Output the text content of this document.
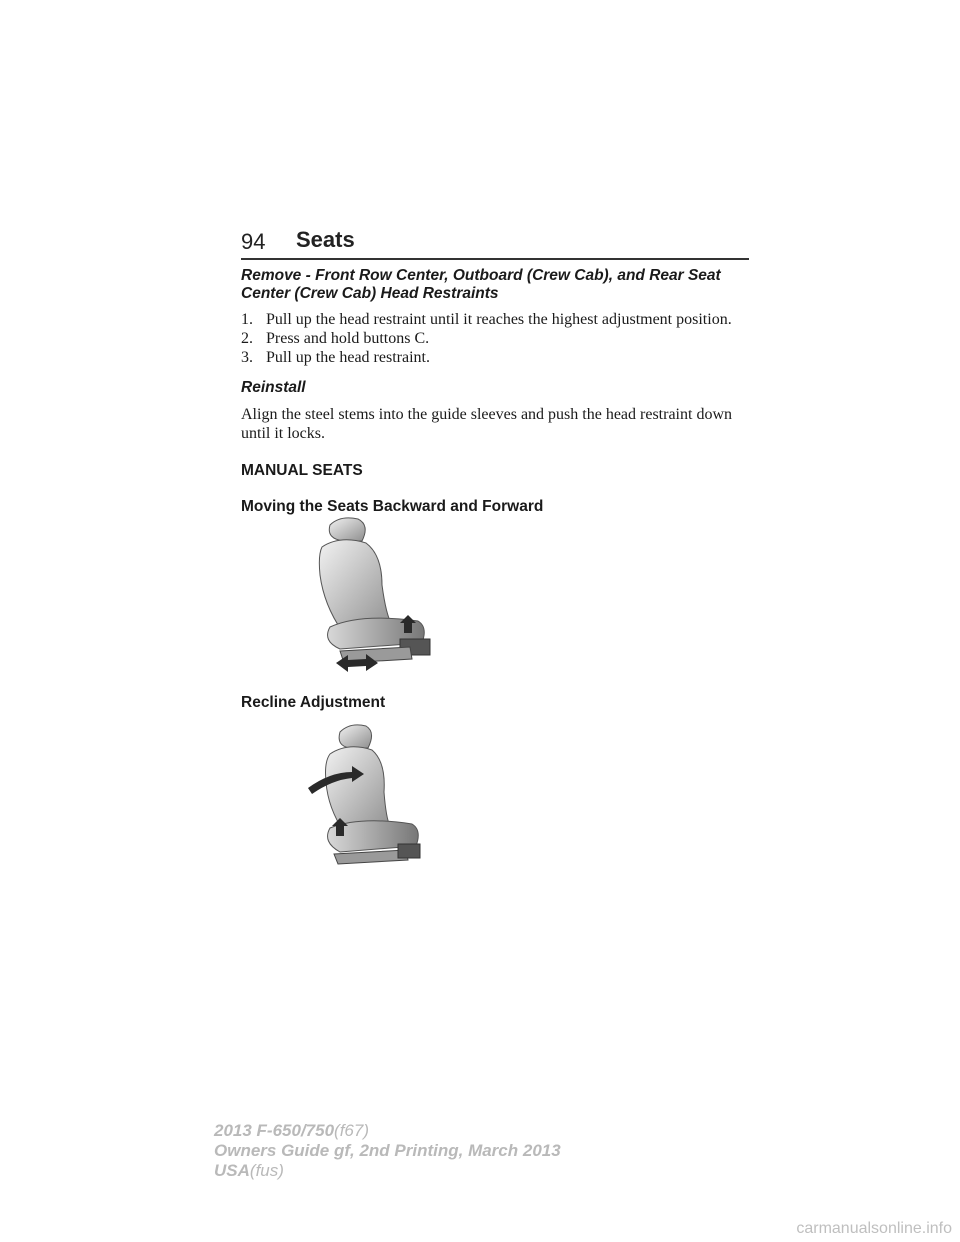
94 Seats

Remove - Front Row Center, Outboard (Crew Cab), and Rear Seat
Center (Crew Cab) Head Restraints

1. Pull up the head restraint until it reaches the highest adjustment position.
2. Press and hold buttons C.
3. Pull up the head restraint.

Reinstall

Align the steel stems into the guide sleeves and push the head restraint down until it locks.

MANUAL SEATS

Moving the Seats Backward and Forward

Recline Adjustment
2013 F-650/750(f67)
Owners Guide gf, 2nd Printing, March 2013
USA(fus)
carmanualsonline.info
